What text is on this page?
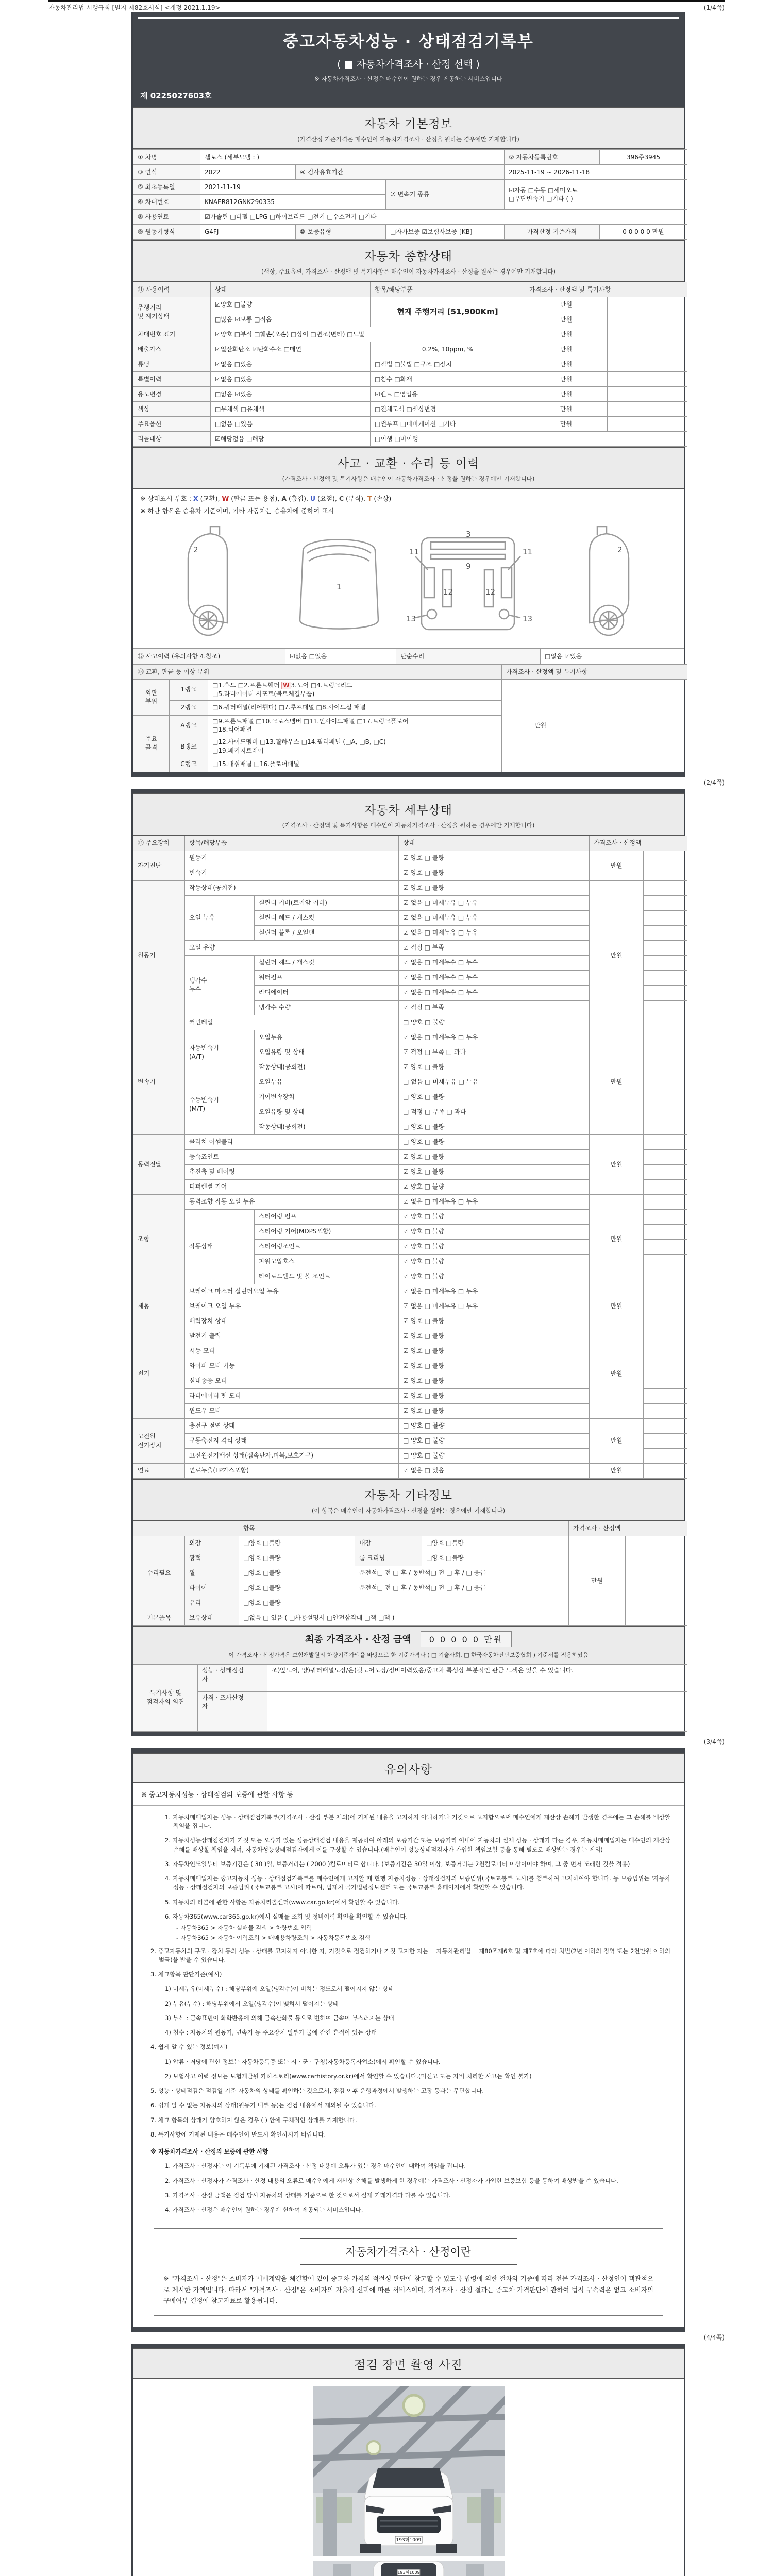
자동차관리법 시행규칙 [별지 제82호서식] <개정 2021.1.19>	(1/4쪽)
중고자동차성능 · 상태점검기록부
( ■ 자동차가격조사 · 산정 선택 )
※ 자동차가격조사 · 산정은 매수인이 원하는 경우 제공하는 서비스입니다
제 0225027603호
자동차 기본정보
(가격산정 기준가격은 매수인이 자동차가격조사 · 산정을 원하는 경우에만 기재합니다)
① 차명	셀토스 (세부모델 : )			② 자동차등록번호	396주3945
③ 연식	2022	④ 검사유효기간		2025-11-19 ~ 2026-11-18	
⑤ 최초등록일	2021-11-19		⑦ 변속기 종류	☑자동 □수동 □세미오토
□무단변속기 □기타 ( )	
⑥ 차대번호	KNAER812GNK290335				
⑧ 사용연료	☑가솔린 □디젤 □LPG □하이브리드 □전기 □수소전기 □기타				
⑨ 원동기형식	G4FJ	⑩ 보증유형	□자가보증 ☑보험사보증 [KB]	가격산정 기준가격	0 0 0 0 0 만원
자동차 종합상태
(색상, 주요옵션, 가격조사 · 산정액 및 특기사항은 매수인이 자동차가격조사 · 산정을 원하는 경우에만 기재합니다)
⑪ 사용이력	상태	항목/해당부품	가격조사 · 산정액 및 특기사항	
주행거리
및 계기상태	☑양호 □불량	현재 주행거리 [51,900Km]	만원	
	□많음 ☑보통 □적음		만원	
차대번호 표기	☑양호 □부식 □훼손(오손) □상이 □변조(변타) □도말		만원	
배출가스	☑일산화탄소 ☑탄화수소 □매연	0.2%, 10ppm, %	만원	
튜닝	☑없음 □있음	□적법 □불법 □구조 □장치	만원	
특별이력	☑없음 □있음	□침수 □화재	만원	
용도변경	□없음 ☑있음	☑렌트 □영업용	만원	
색상	□무채색 □유채색	□전체도색 □색상변경	만원	
주요옵션	□없음 □있음	□썬루프 □네비게이션 □기타	만원	
리콜대상	☑해당없음 □해당	□이행 □미이행		
사고 · 교환 · 수리 등 이력
(가격조사 · 산정액 및 특기사항은 매수인이 자동차가격조사 · 산정을 원하는 경우에만 기재합니다)
※ 상태표시 부호 : X (교환), W (판금 또는 용접), A (흠집), U (요철), C (부식), T (손상)
※ 하단 항목은 승용차 기준이며, 기타 자동차는 승용차에 준하여 표시
2
1
3
9
11	11
12	12
13	13
2
⑫ 사고이력 (유의사항 4.참조)	☑없음 □있음	단순수리	□없음 ☑있음
⑬ 교환, 판금 등 이상 부위			가격조사 · 산정액 및 특기사항	
외판
부위	1랭크	□1.후드 □2.프론트휀더 W 3.도어 □4.트렁크리드
□5.라디에이터 서포트(볼트체결부품)	만원	
	2랭크	□6.쿼터패널(리어휀다) □7.루프패널 □8.사이드실 패널		
주요
골격	A랭크	□9.프론트패널 □10.크로스멤버 □11.인사이드패널 □17.트렁크플로어
□18.리어패널		
	B랭크	□12.사이드멤버 □13.휠하우스 □14.필러패널 (□A, □B, □C)
□19.패키지트레이		
	C랭크	□15.대쉬패널 □16.플로어패널		
(2/4쪽)
자동차 세부상태
(가격조사 · 산정액 및 특기사항은 매수인이 자동차가격조사 · 산정을 원하는 경우에만 기재합니다)
⑭ 주요장치	항목/해당부품		상태	가격조사 · 산정액	
자기진단	원동기		☑ 양호 □ 불량	만원	
	변속기		☑ 양호 □ 불량		
원동기	작동상태(공회전)		☑ 양호 □ 불량	만원	
	오일 누유	실린더 커버(로커암 커버)	☑ 없음 □ 미세누유 □ 누유		
		실린더 헤드 / 개스킷	☑ 없음 □ 미세누유 □ 누유		
		실린더 블록 / 오일팬	☑ 없음 □ 미세누유 □ 누유		
	오일 유량		☑ 적정 □ 부족		
	냉각수
누수	실린더 헤드 / 개스킷	☑ 없음 □ 미세누수 □ 누수		
		워터펌프	☑ 없음 □ 미세누수 □ 누수		
		라디에이터	☑ 없음 □ 미세누수 □ 누수		
		냉각수 수량	☑ 적정 □ 부족		
	커먼레일		□ 양호 □ 불량		
변속기	자동변속기
(A/T)	오일누유	☑ 없음 □ 미세누유 □ 누유	만원	
		오일유량 및 상태	☑ 적정 □ 부족 □ 과다		
		작동상태(공회전)	☑ 양호 □ 불량		
	수동변속기
(M/T)	오일누유	□ 없음 □ 미세누유 □ 누유		
		기어변속장치	□ 양호 □ 불량		
		오일유량 및 상태	□ 적정 □ 부족 □ 과다		
		작동상태(공회전)	□ 양호 □ 불량		
동력전달	클러치 어셈블리		□ 양호 □ 불량	만원	
	등속죠인트		☑ 양호 □ 불량		
	추진축 및 베어링		☑ 양호 □ 불량		
	디퍼렌셜 기어		☑ 양호 □ 불량		
조향	동력조향 작동 오일 누유		☑ 없음 □ 미세누유 □ 누유	만원	
	작동상태	스티어링 펌프	☑ 양호 □ 불량		
		스티어링 기어(MDPS포함)	☑ 양호 □ 불량		
		스티어링조인트	☑ 양호 □ 불량		
		파워고압호스	☑ 양호 □ 불량		
		타이로드엔드 및 볼 조인트	☑ 양호 □ 불량		
제동	브레이크 마스터 실린더오일 누유		☑ 없음 □ 미세누유 □ 누유	만원	
	브레이크 오일 누유		☑ 없음 □ 미세누유 □ 누유		
	배력장치 상태		☑ 양호 □ 불량		
전기	발전기 출력		☑ 양호 □ 불량	만원	
	시동 모터		☑ 양호 □ 불량		
	와이퍼 모터 기능		☑ 양호 □ 불량		
	실내송풍 모터		☑ 양호 □ 불량		
	라디에이터 팬 모터		☑ 양호 □ 불량		
	윈도우 모터		☑ 양호 □ 불량		
고전원
전기장치	충전구 절연 상태		□ 양호 □ 불량	만원	
	구동축전지 격리 상태		□ 양호 □ 불량		
	고전원전기배선 상태(접속단자,피복,보호기구)		□ 양호 □ 불량		
연료	연료누출(LP가스포함)		☑ 없음 □ 있음	만원	
자동차 기타정보
(이 항목은 매수인이 자동차가격조사 · 산정을 원하는 경우에만 기재합니다)
		항목			가격조사 · 산정액	
수리필요	외장	□양호 □불량	내장	□양호 □불량	만원	
	광택	□양호 □불량	룸 크리닝	□양호 □불량		
	휠	□양호 □불량	운전석□ 전 □ 후 / 동반석□ 전 □ 후 / □ 응급			
	타이어	□양호 □불량	운전석□ 전 □ 후 / 동반석□ 전 □ 후 / □ 응급			
	유리	□양호 □불량				
기본품목	보유상태	□없음 □ 있음 ( □사용설명서 □안전삼각대 □잭 □잭 )				
최종 가격조사 · 산정 금액	0 0 0 0 0 만원
이 가격조사 · 산정가격은 보험개발원의 차량기준가액을 바탕으로 한 기준가격과 ( □ 기술사회, □ 한국자동차진단보증협회 ) 기준서를 적용하였음
특기사항 및
점검자의 의견	성능 · 상태점검
자	조)앞도어, 양)쿼터패널도장/운)뒷도어도장/정비이력있음/중고차 특성상 부분적인 판금 도색은 있을 수 있습니다.
	가격 · 조사산정
자	
(3/4쪽)
유의사항
※ 중고자동차성능 · 상태점검의 보증에 관한 사항 등
1. 자동차매매업자는 성능 · 상태점검기록부(가격조사 · 산정 부분 제외)에 기재된 내용을 고지하지 아니하거나 거짓으로 고지함으로써 매수인에게 재산상 손해가 발생한 경우에는 그 손해를 배상할 책임을 집니다.
2. 자동차성능상태점검자가 거짓 또는 오류가 있는 성능상태점검 내용을 제공하여 아래의 보증기간 또는 보증거리 이내에 자동차의 실제 성능 · 상태가 다른 경우, 자동차매매업자는 매수인의 재산상 손해를 배상할 책임을 지며, 자동차성능상태점검자에게 이를 구상할 수 있습니다.(매수인이 성능상태점검자가 가입한 책임보험 등을 통해 별도로 배상받는 경우는 제외)
3. 자동차인도일부터 보증기간은 ( 30 )일, 보증거리는 ( 2000 )킬로미터로 합니다. (보증기간은 30일 이상, 보증거리는 2천킬로미터 이상이어야 하며, 그 중 먼저 도래한 것을 적용)
4. 자동차매매업자는 중고자동차 성능 · 상태점검기록부를 매수인에게 고지할 때 현행 자동차성능 · 상태점검자의 보증범위(국토교통부 고시)를 첨부하여 고지하여야 합니다. 동 보증범위는 '자동차성능 · 상태점검자의 보증범위'(국토교통부 고시)에 따르며, 법제처 국가법령정보센터 또는 국토교통부 홈페이지에서 확인할 수 있습니다.
5. 자동차의 리콜에 관한 사항은 자동차리콜센터(www.car.go.kr)에서 확인할 수 있습니다.
6. 자동차365(www.car365.go.kr)에서 실매물 조회 및 정비이력 확인을 확인할 수 있습니다.
- 자동차365 > 자동차 실매물 검색 > 차량번호 입력
- 자동차365 > 자동차 이력조회 > 매매용차량조회 > 자동차등록번호 검색
2. 중고자동차의 구조 · 장치 등의 성능 · 상태를 고지하지 아니한 자, 거짓으로 점검하거나 거짓 고지한 자는 「자동차관리법」 제80조제6호 및 제7호에 따라 처벌(2년 이하의 징역 또는 2천만원 이하의 벌금)을 받을 수 있습니다.
3. 체크항목 판단기준(예시)
1) 미세누유(미세누수) : 해당부위에 오일(냉각수)이 비치는 정도로서 떨어지지 않는 상태
2) 누유(누수) : 해당부위에서 오일(냉각수)이 맺혀서 떨어지는 상태
3) 부식 : 금속표면이 화학반응에 의해 금속산화물 등으로 변하여 금속이 부스러지는 상태
4) 침수 : 자동차의 원동기, 변속기 등 주요장치 일부가 물에 잠긴 흔적이 있는 상태
4. 쉽게 알 수 있는 정보(예시)
1) 압류 · 저당에 관한 정보는 자동차등록증 또는 시 · 군 · 구청(자동차등록사업소)에서 확인할 수 있습니다.
2) 보험사고 이력 정보는 보험개발원 카히스토리(www.carhistory.or.kr)에서 확인할 수 있습니다.(미신고 또는 자비 처리한 사고는 확인 불가)
5. 성능 · 상태점검은 점검일 기준 자동차의 상태를 확인하는 것으로서, 점검 이후 운행과정에서 발생하는 고장 등과는 무관합니다.
6. 쉽게 알 수 없는 자동차의 상태(원동기 내부 등)는 점검 내용에서 제외될 수 있습니다.
7. 체크 항목의 상태가 양호하지 않은 경우 ( ) 안에 구체적인 상태를 기재합니다.
8. 특기사항에 기재된 내용은 매수인이 반드시 확인하시기 바랍니다.
※ 자동차가격조사 · 산정의 보증에 관한 사항
1. 가격조사 · 산정자는 이 기록부에 기재된 가격조사 · 산정 내용에 오류가 있는 경우 매수인에 대하여 책임을 집니다.
2. 가격조사 · 산정자가 가격조사 · 산정 내용의 오류로 매수인에게 재산상 손해를 발생하게 한 경우에는 가격조사 · 산정자가 가입한 보증보험 등을 통하여 배상받을 수 있습니다.
3. 가격조사 · 산정 금액은 점검 당시 자동차의 상태를 기준으로 한 것으로서 실제 거래가격과 다를 수 있습니다.
4. 가격조사 · 산정은 매수인이 원하는 경우에 한하여 제공되는 서비스입니다.
자동차가격조사 · 산정이란
※ "가격조사 · 산정"은 소비자가 매매계약을 체결함에 있어 중고차 가격의 적절성 판단에 참고할 수 있도록 법령에 의한 절차와 기준에 따라 전문 가격조사 · 산정인이 객관적으로 제시한 가액입니다. 따라서 "가격조사 · 산정"은 소비자의 자율적 선택에 따른 서비스이며, 가격조사 · 산정 결과는 중고차 가격판단에 관하여 법적 구속력은 없고 소비자의 구매여부 결정에 참고자료로 활용됩니다.
(4/4쪽)
점검 장면 촬영 사진
193허1009
193허1009
